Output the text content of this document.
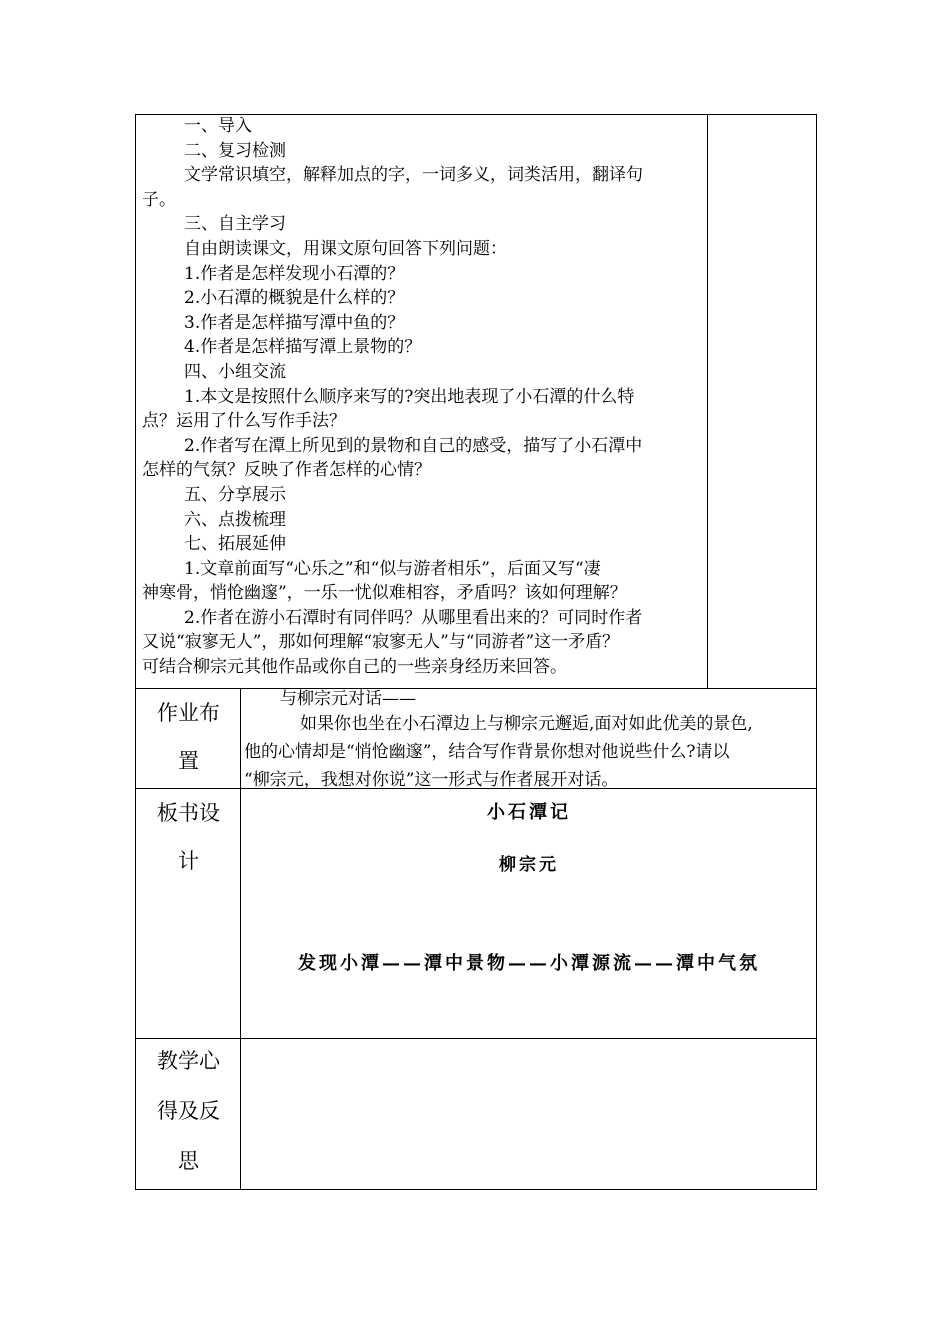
一、导入

二、复习检测

文学常识填空，解释加点的字，一词多义，词类活用，翻译句

子。

三、自主学习

自由朗读课文，用课文原句回答下列问题：

1.作者是怎样发现小石潭的？

2.小石潭的概貌是什么样的？

3.作者是怎样描写潭中鱼的？

4.作者是怎样描写潭上景物的？

四、小组交流

1.本文是按照什么顺序来写的?突出地表现了小石潭的什么特

点？运用了什么写作手法？

2.作者写在潭上所见到的景物和自己的感受，描写了小石潭中

怎样的气氛？反映了作者怎样的心情？

五、分享展示

六、点拨梳理

七、拓展延伸

1.文章前面写“心乐之”和“似与游者相乐”，后面又写“凄

神寒骨，悄怆幽邃”，一乐一忧似难相容，矛盾吗？该如何理解？

2.作者在游小石潭时有同伴吗？从哪里看出来的？可同时作者

又说“寂寥无人”，那如何理解“寂寥无人”与“同游者”这一矛盾？

可结合柳宗元其他作品或你自己的一些亲身经历来回答。

作业布

置

与柳宗元对话——

如果你也坐在小石潭边上与柳宗元邂逅,面对如此优美的景色,

他的心情却是“悄怆幽邃”，结合写作背景你想对他说些什么?请以

“柳宗元，我想对你说”这一形式与作者展开对话。

板书设

计

小石潭记

柳宗元

发现小潭——潭中景物——小潭源流——潭中气氛

教学心

得及反

思
